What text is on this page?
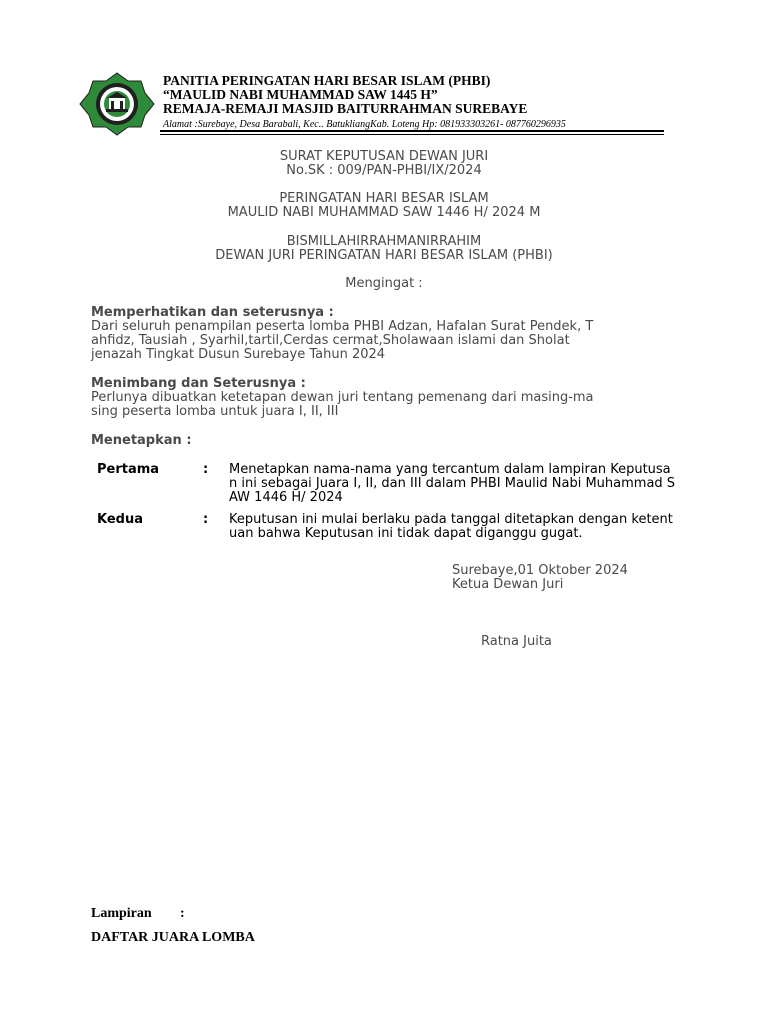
PANITIA PERINGATAN HARI BESAR ISLAM (PHBI)
“MAULID NABI MUHAMMAD SAW 1445 H”
REMAJA-REMAJI MASJID BAITURRAHMAN SUREBAYE
Alamat :Surebaye, Desa Barabali, Kec.. BatukliangKab. Loteng Hp: 081933303261- 087760296935
SURAT KEPUTUSAN DEWAN JURI
No.SK : 009/PAN-PHBI/IX/2024
PERINGATAN HARI BESAR ISLAM
MAULID NABI MUHAMMAD SAW 1446 H/ 2024 M
BISMILLAHIRRAHMANIRRAHIM
DEWAN JURI PERINGATAN HARI BESAR ISLAM (PHBI)
Mengingat :
Memperhatikan dan seterusnya :
Dari seluruh penampilan peserta lomba PHBI Adzan, Hafalan Surat Pendek, T
ahfidz, Tausiah , Syarhil,tartil,Cerdas cermat,Sholawaan islami dan Sholat
jenazah Tingkat Dusun Surebaye Tahun 2024
Menimbang dan Seterusnya :
Perlunya dibuatkan ketetapan dewan juri tentang pemenang dari masing-ma
sing peserta lomba untuk juara I, II, III
Menetapkan :
Pertama	: Menetapkan nama-nama yang tercantum dalam lampiran Keputusa
n ini sebagai Juara I, II, dan III dalam PHBI Maulid Nabi Muhammad S
AW 1446 H/ 2024
Kedua	: Keputusan ini mulai berlaku pada tanggal ditetapkan dengan ketent
uan bahwa Keputusan ini tidak dapat diganggu gugat.
Surebaye,01 Oktober 2024
Ketua Dewan Juri
Ratna Juita
Lampiran :
DAFTAR JUARA LOMBA
